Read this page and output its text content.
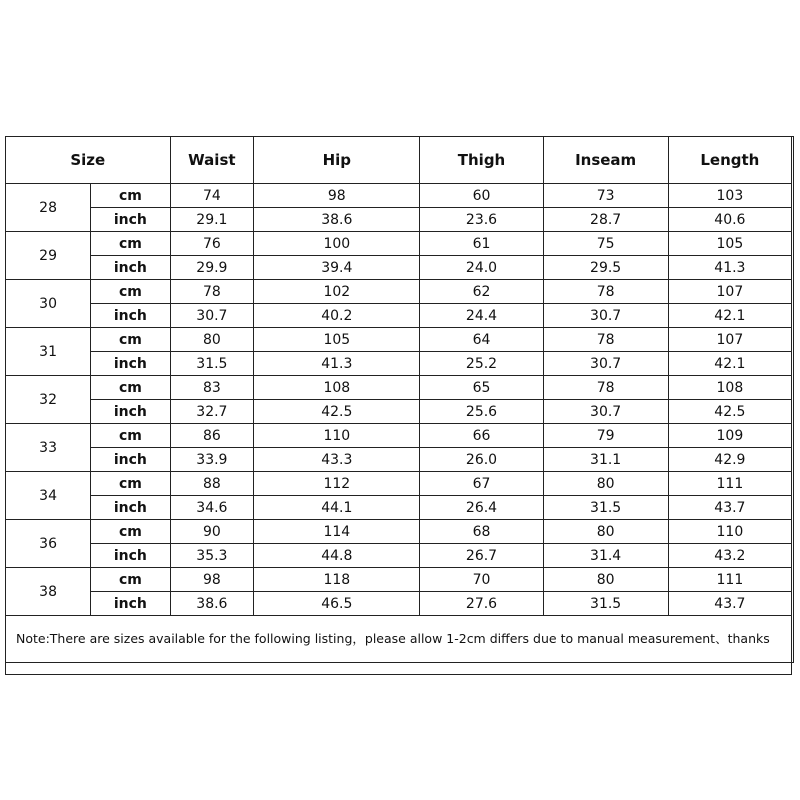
Size		Waist	Hip	Thigh	Inseam	Length
28	cm	74	98	60	73	103
	inch	29.1	38.6	23.6	28.7	40.6
29	cm	76	100	61	75	105
	inch	29.9	39.4	24.0	29.5	41.3
30	cm	78	102	62	78	107
	inch	30.7	40.2	24.4	30.7	42.1
31	cm	80	105	64	78	107
	inch	31.5	41.3	25.2	30.7	42.1
32	cm	83	108	65	78	108
	inch	32.7	42.5	25.6	30.7	42.5
33	cm	86	110	66	79	109
	inch	33.9	43.3	26.0	31.1	42.9
34	cm	88	112	67	80	111
	inch	34.6	44.1	26.4	31.5	43.7
36	cm	90	114	68	80	110
	inch	35.3	44.8	26.7	31.4	43.2
38	cm	98	118	70	80	111
	inch	38.6	46.5	27.6	31.5	43.7

Note:There are sizes available for the following listing，please allow 1-2cm differs due to manual measurement、thanks
